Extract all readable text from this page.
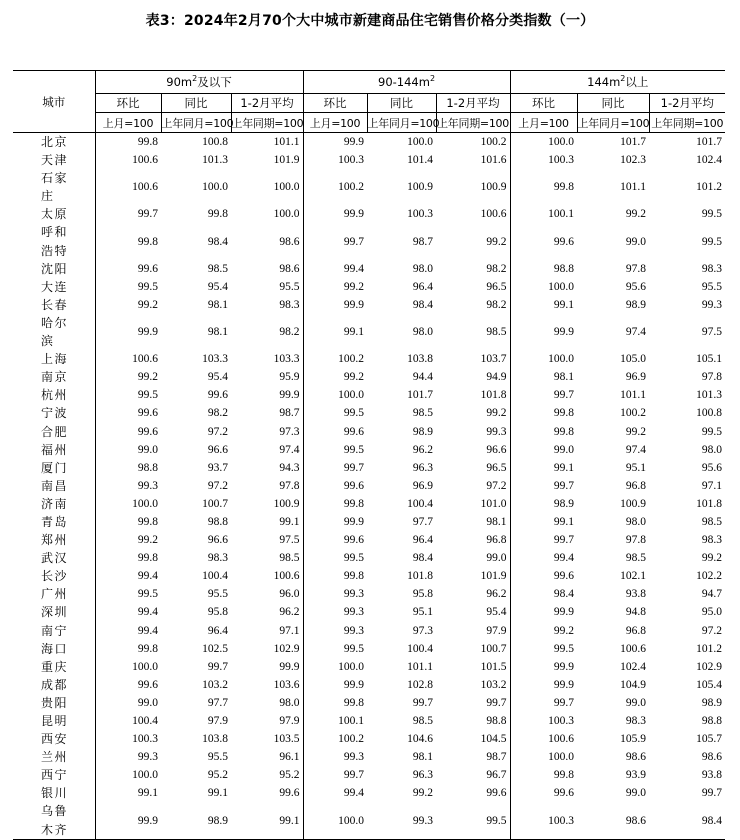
表3：2024年2月70个大中城市新建商品住宅销售价格分类指数（一）
城市	$90m^2$及以下			$90-144m^2$			$144m^2$以上		
	环比	同比	1-2月平均	环比	同比	1-2月平均	环比	同比	1-2月平均
	上月=100	上年同月=100	上年同期=100	上月=100	上年同月=100	上年同期=100	上月=100	上年同月=100	上年同期=100
北京	99.8	100.8	101.1	99.9	100.0	100.2	100.0	101.7	101.7
天津	100.6	101.3	101.9	100.3	101.4	101.6	100.3	102.3	102.4
石家庄	100.6	100.0	100.0	100.2	100.9	100.9	99.8	101.1	101.2
太原	99.7	99.8	100.0	99.9	100.3	100.6	100.1	99.2	99.5
呼和浩特	99.8	98.4	98.6	99.7	98.7	99.2	99.6	99.0	99.5
沈阳	99.6	98.5	98.6	99.4	98.0	98.2	98.8	97.8	98.3
大连	99.5	95.4	95.5	99.2	96.4	96.5	100.0	95.6	95.5
长春	99.2	98.1	98.3	99.9	98.4	98.2	99.1	98.9	99.3
哈尔滨	99.9	98.1	98.2	99.1	98.0	98.5	99.9	97.4	97.5
上海	100.6	103.3	103.3	100.2	103.8	103.7	100.0	105.0	105.1
南京	99.2	95.4	95.9	99.2	94.4	94.9	98.1	96.9	97.8
杭州	99.5	99.6	99.9	100.0	101.7	101.8	99.7	101.1	101.3
宁波	99.6	98.2	98.7	99.5	98.5	99.2	99.8	100.2	100.8
合肥	99.6	97.2	97.3	99.6	98.9	99.3	99.8	99.2	99.5
福州	99.0	96.6	97.4	99.5	96.2	96.6	99.0	97.4	98.0
厦门	98.8	93.7	94.3	99.7	96.3	96.5	99.1	95.1	95.6
南昌	99.3	97.2	97.8	99.6	96.9	97.2	99.7	96.8	97.1
济南	100.0	100.7	100.9	99.8	100.4	101.0	98.9	100.9	101.8
青岛	99.8	98.8	99.1	99.9	97.7	98.1	99.1	98.0	98.5
郑州	99.2	96.6	97.5	99.6	96.4	96.8	99.7	97.8	98.3
武汉	99.8	98.3	98.5	99.5	98.4	99.0	99.4	98.5	99.2
长沙	99.4	100.4	100.6	99.8	101.8	101.9	99.6	102.1	102.2
广州	99.5	95.5	96.0	99.3	95.8	96.2	98.4	93.8	94.7
深圳	99.4	95.8	96.2	99.3	95.1	95.4	99.9	94.8	95.0
南宁	99.4	96.4	97.1	99.3	97.3	97.9	99.2	96.8	97.2
海口	99.8	102.5	102.9	99.5	100.4	100.7	99.5	100.6	101.2
重庆	100.0	99.7	99.9	100.0	101.1	101.5	99.9	102.4	102.9
成都	99.6	103.2	103.6	99.9	102.8	103.2	99.9	104.9	105.4
贵阳	99.0	97.7	98.0	99.8	99.7	99.7	99.7	99.0	98.9
昆明	100.4	97.9	97.9	100.1	98.5	98.8	100.3	98.3	98.8
西安	100.3	103.8	103.5	100.2	104.6	104.5	100.6	105.9	105.7
兰州	99.3	95.5	96.1	99.3	98.1	98.7	100.0	98.6	98.6
西宁	100.0	95.2	95.2	99.7	96.3	96.7	99.8	93.9	93.8
银川	99.1	99.1	99.6	99.4	99.2	99.6	99.6	99.0	99.7
乌鲁木齐	99.9	98.9	99.1	100.0	99.3	99.5	100.3	98.6	98.4
